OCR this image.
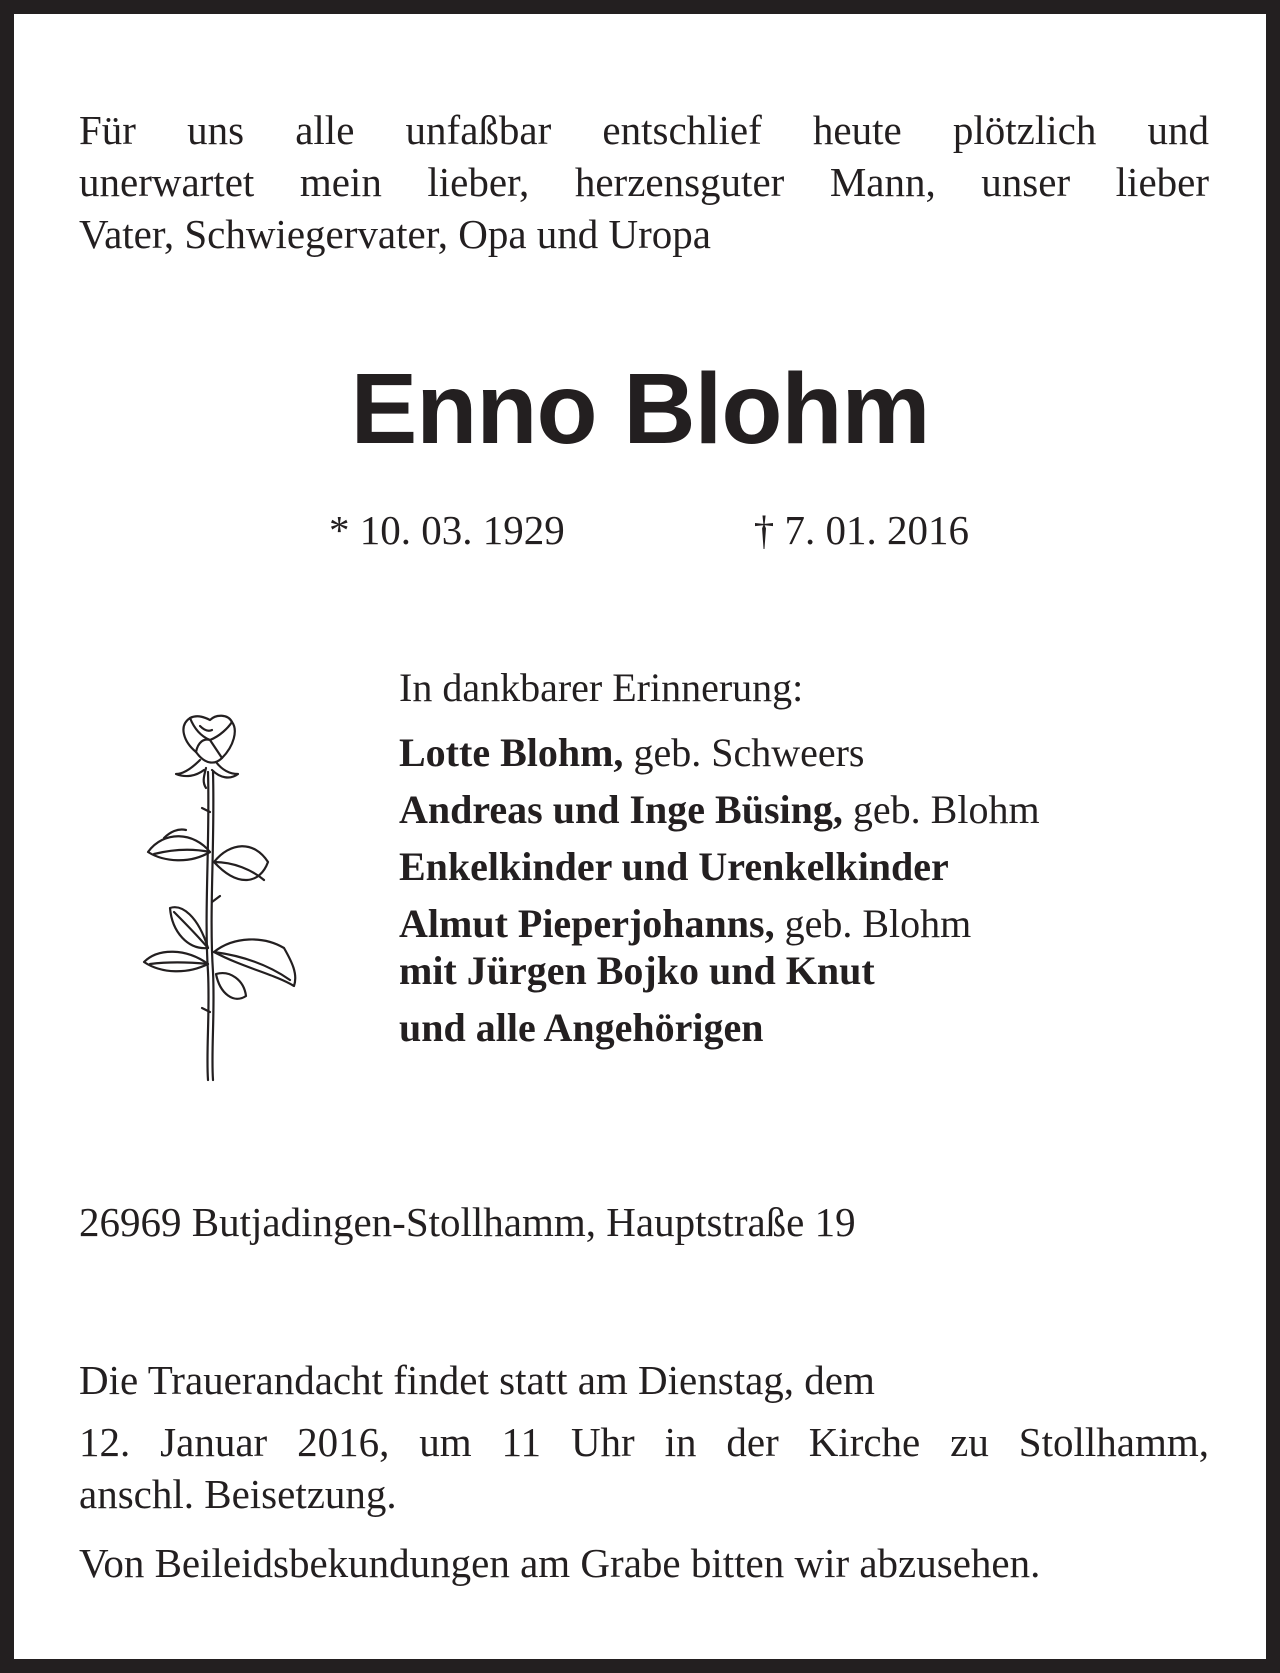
Für uns alle unfaßbar entschlief heute plötzlich und
unerwartet mein lieber, herzensguter Mann, unser lieber
Vater, Schwiegervater, Opa und Uropa
Enno Blohm
* 10. 03. 1929	† 7. 01. 2016
In dankbarer Erinnerung:
Lotte Blohm, geb. Schweers
Andreas und Inge Büsing, geb. Blohm
Enkelkinder und Urenkelkinder
Almut Pieperjohanns, geb. Blohm
mit Jürgen Bojko und Knut
und alle Angehörigen
26969 Butjadingen-Stollhamm, Hauptstraße 19
Die Trauerandacht findet statt am Dienstag, dem
12. Januar 2016, um 11 Uhr in der Kirche zu Stollhamm,
anschl. Beisetzung.
Von Beileidsbekundungen am Grabe bitten wir abzusehen.
